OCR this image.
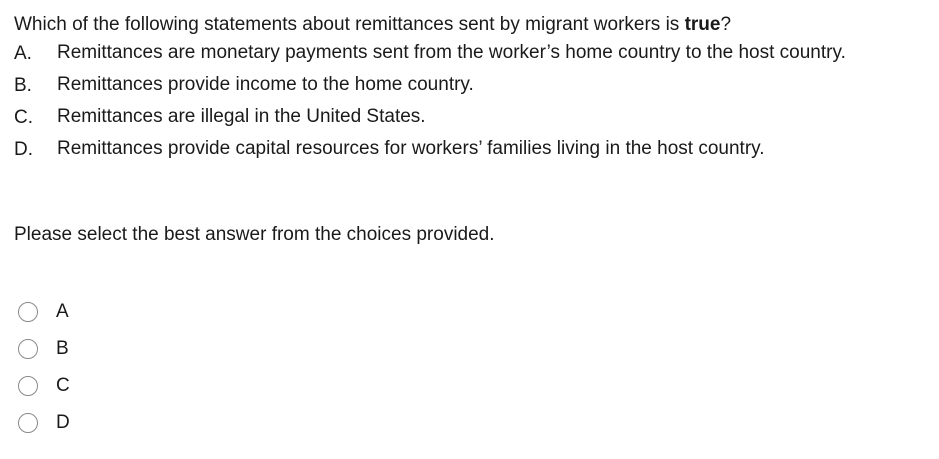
Which of the following statements about remittances sent by migrant workers is true?

A.	Remittances are monetary payments sent from the worker’s home country to the host country.
B.	Remittances provide income to the home country.
C.	Remittances are illegal in the United States.
D.	Remittances provide capital resources for workers’ families living in the host country.
Please select the best answer from the choices provided.
A
B
C
D
